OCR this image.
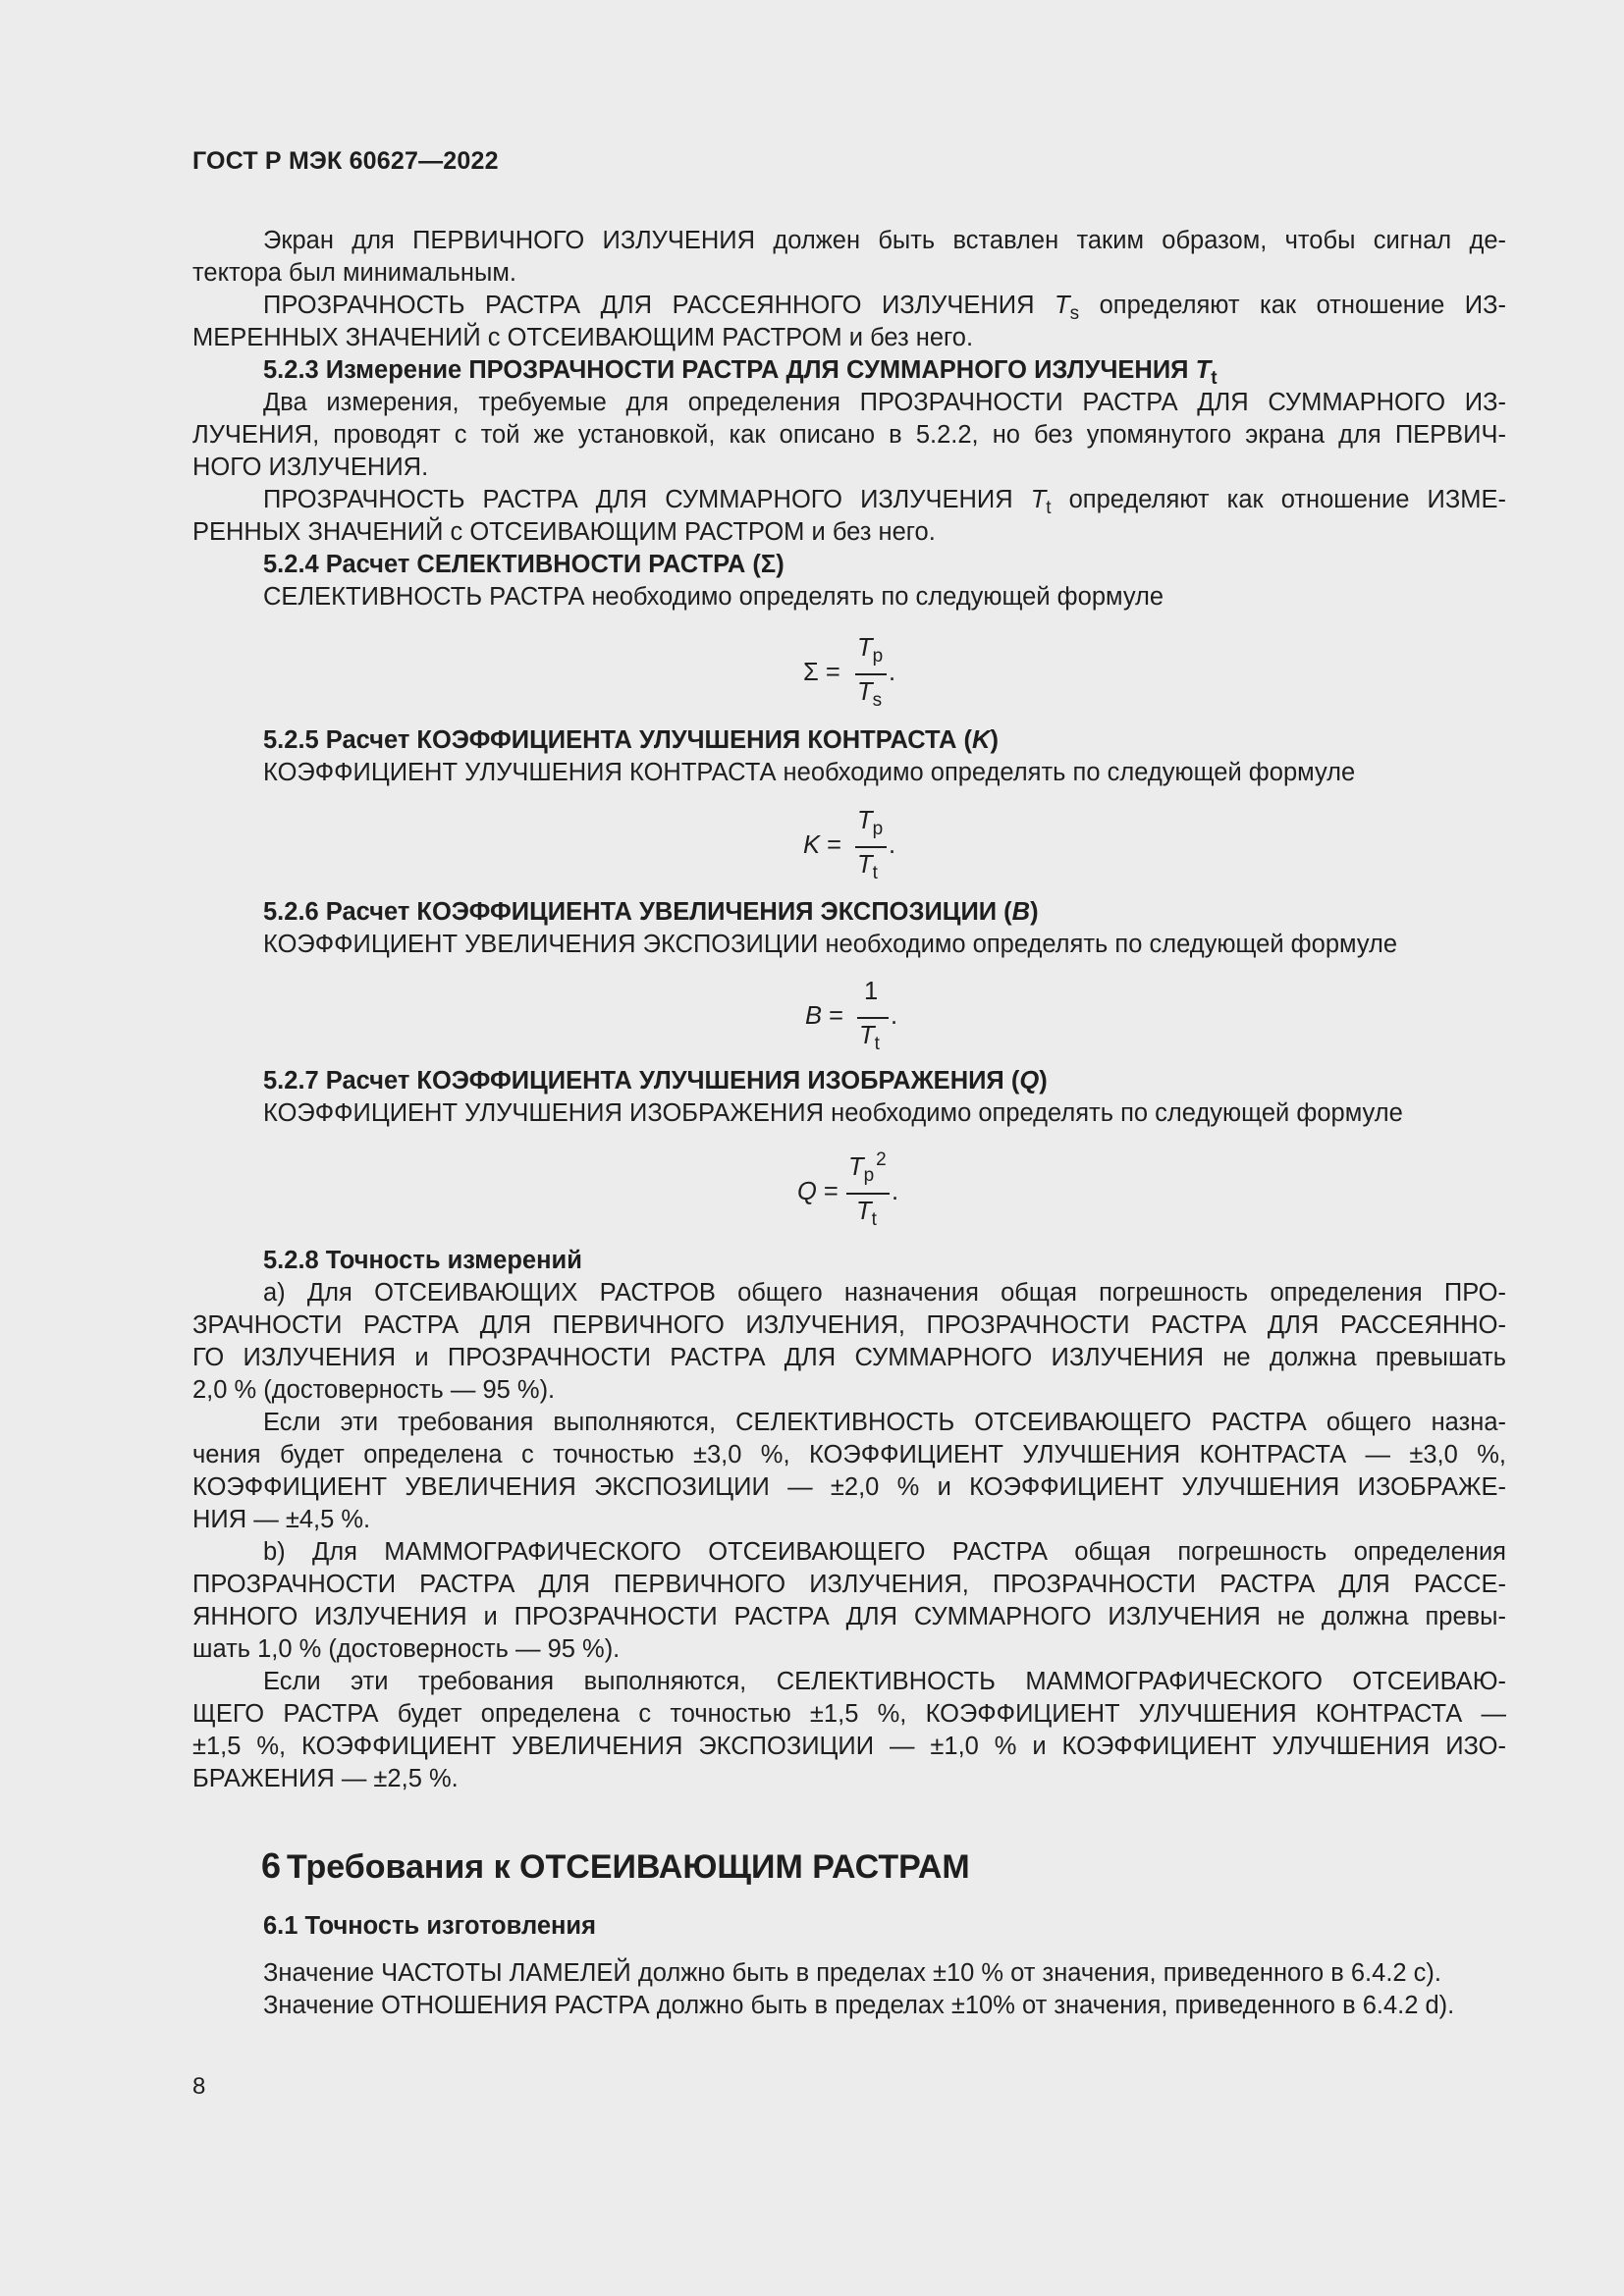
ГОСТ Р МЭК 60627—2022
Экран для ПЕРВИЧНОГО ИЗЛУЧЕНИЯ должен быть вставлен таким образом, чтобы сигнал де-
тектора был минимальным.
ПРОЗРАЧНОСТЬ РАСТРА ДЛЯ РАССЕЯННОГО ИЗЛУЧЕНИЯ $T_s$ определяют как отношение ИЗ-
МЕРЕННЫХ ЗНАЧЕНИЙ с ОТСЕИВАЮЩИМ РАСТРОМ и без него.
5.2.3 Измерение ПРОЗРАЧНОСТИ РАСТРА ДЛЯ СУММАРНОГО ИЗЛУЧЕНИЯ $T_t$
Два измерения, требуемые для определения ПРОЗРАЧНОСТИ РАСТРА ДЛЯ СУММАРНОГО ИЗ-
ЛУЧЕНИЯ, проводят с той же установкой, как описано в 5.2.2, но без упомянутого экрана для ПЕРВИЧ-
НОГО ИЗЛУЧЕНИЯ.
ПРОЗРАЧНОСТЬ РАСТРА ДЛЯ СУММАРНОГО ИЗЛУЧЕНИЯ $T_t$ определяют как отношение ИЗМЕ-
РЕННЫХ ЗНАЧЕНИЙ с ОТСЕИВАЮЩИМ РАСТРОМ и без него.
5.2.4 Расчет СЕЛЕКТИВНОСТИ РАСТРА (Σ)
СЕЛЕКТИВНОСТЬ РАСТРА необходимо определять по следующей формуле
Σ =
$T_p$
$T_s$
.
5.2.5 Расчет КОЭФФИЦИЕНТА УЛУЧШЕНИЯ КОНТРАСТА (K)
КОЭФФИЦИЕНТ УЛУЧШЕНИЯ КОНТРАСТА необходимо определять по следующей формуле
K =
$T_p$
$T_t$
.
5.2.6 Расчет КОЭФФИЦИЕНТА УВЕЛИЧЕНИЯ ЭКСПОЗИЦИИ (B)
КОЭФФИЦИЕНТ УВЕЛИЧЕНИЯ ЭКСПОЗИЦИИ необходимо определять по следующей формуле
B =
1
$T_t$
.
5.2.7 Расчет КОЭФФИЦИЕНТА УЛУЧШЕНИЯ ИЗОБРАЖЕНИЯ (Q)
КОЭФФИЦИЕНТ УЛУЧШЕНИЯ ИЗОБРАЖЕНИЯ необходимо определять по следующей формуле
Q =
$T_p^2$
$T_t$
.
5.2.8 Точность измерений
a) Для ОТСЕИВАЮЩИХ РАСТРОВ общего назначения общая погрешность определения ПРО-
ЗРАЧНОСТИ РАСТРА ДЛЯ ПЕРВИЧНОГО ИЗЛУЧЕНИЯ, ПРОЗРАЧНОСТИ РАСТРА ДЛЯ РАССЕЯННО-
ГО ИЗЛУЧЕНИЯ и ПРОЗРАЧНОСТИ РАСТРА ДЛЯ СУММАРНОГО ИЗЛУЧЕНИЯ не должна превышать
2,0 % (достоверность — 95 %).
Если эти требования выполняются, СЕЛЕКТИВНОСТЬ ОТСЕИВАЮЩЕГО РАСТРА общего назна-
чения будет определена с точностью ±3,0 %, КОЭФФИЦИЕНТ УЛУЧШЕНИЯ КОНТРАСТА — ±3,0 %,
КОЭФФИЦИЕНТ УВЕЛИЧЕНИЯ ЭКСПОЗИЦИИ — ±2,0 % и КОЭФФИЦИЕНТ УЛУЧШЕНИЯ ИЗОБРАЖЕ-
НИЯ — ±4,5 %.
b) Для МАММОГРАФИЧЕСКОГО ОТСЕИВАЮЩЕГО РАСТРА общая погрешность определения
ПРОЗРАЧНОСТИ РАСТРА ДЛЯ ПЕРВИЧНОГО ИЗЛУЧЕНИЯ, ПРОЗРАЧНОСТИ РАСТРА ДЛЯ РАССЕ-
ЯННОГО ИЗЛУЧЕНИЯ и ПРОЗРАЧНОСТИ РАСТРА ДЛЯ СУММАРНОГО ИЗЛУЧЕНИЯ не должна превы-
шать 1,0 % (достоверность — 95 %).
Если эти требования выполняются, СЕЛЕКТИВНОСТЬ МАММОГРАФИЧЕСКОГО ОТСЕИВАЮ-
ЩЕГО РАСТРА будет определена с точностью ±1,5 %, КОЭФФИЦИЕНТ УЛУЧШЕНИЯ КОНТРАСТА —
±1,5 %, КОЭФФИЦИЕНТ УВЕЛИЧЕНИЯ ЭКСПОЗИЦИИ — ±1,0 % и КОЭФФИЦИЕНТ УЛУЧШЕНИЯ ИЗО-
БРАЖЕНИЯ — ±2,5 %.
6 Требования к ОТСЕИВАЮЩИМ РАСТРАМ
6.1 Точность изготовления
Значение ЧАСТОТЫ ЛАМЕЛЕЙ должно быть в пределах ±10 % от значения, приведенного в 6.4.2 c).
Значение ОТНОШЕНИЯ РАСТРА должно быть в пределах ±10% от значения, приведенного в 6.4.2 d).
8
